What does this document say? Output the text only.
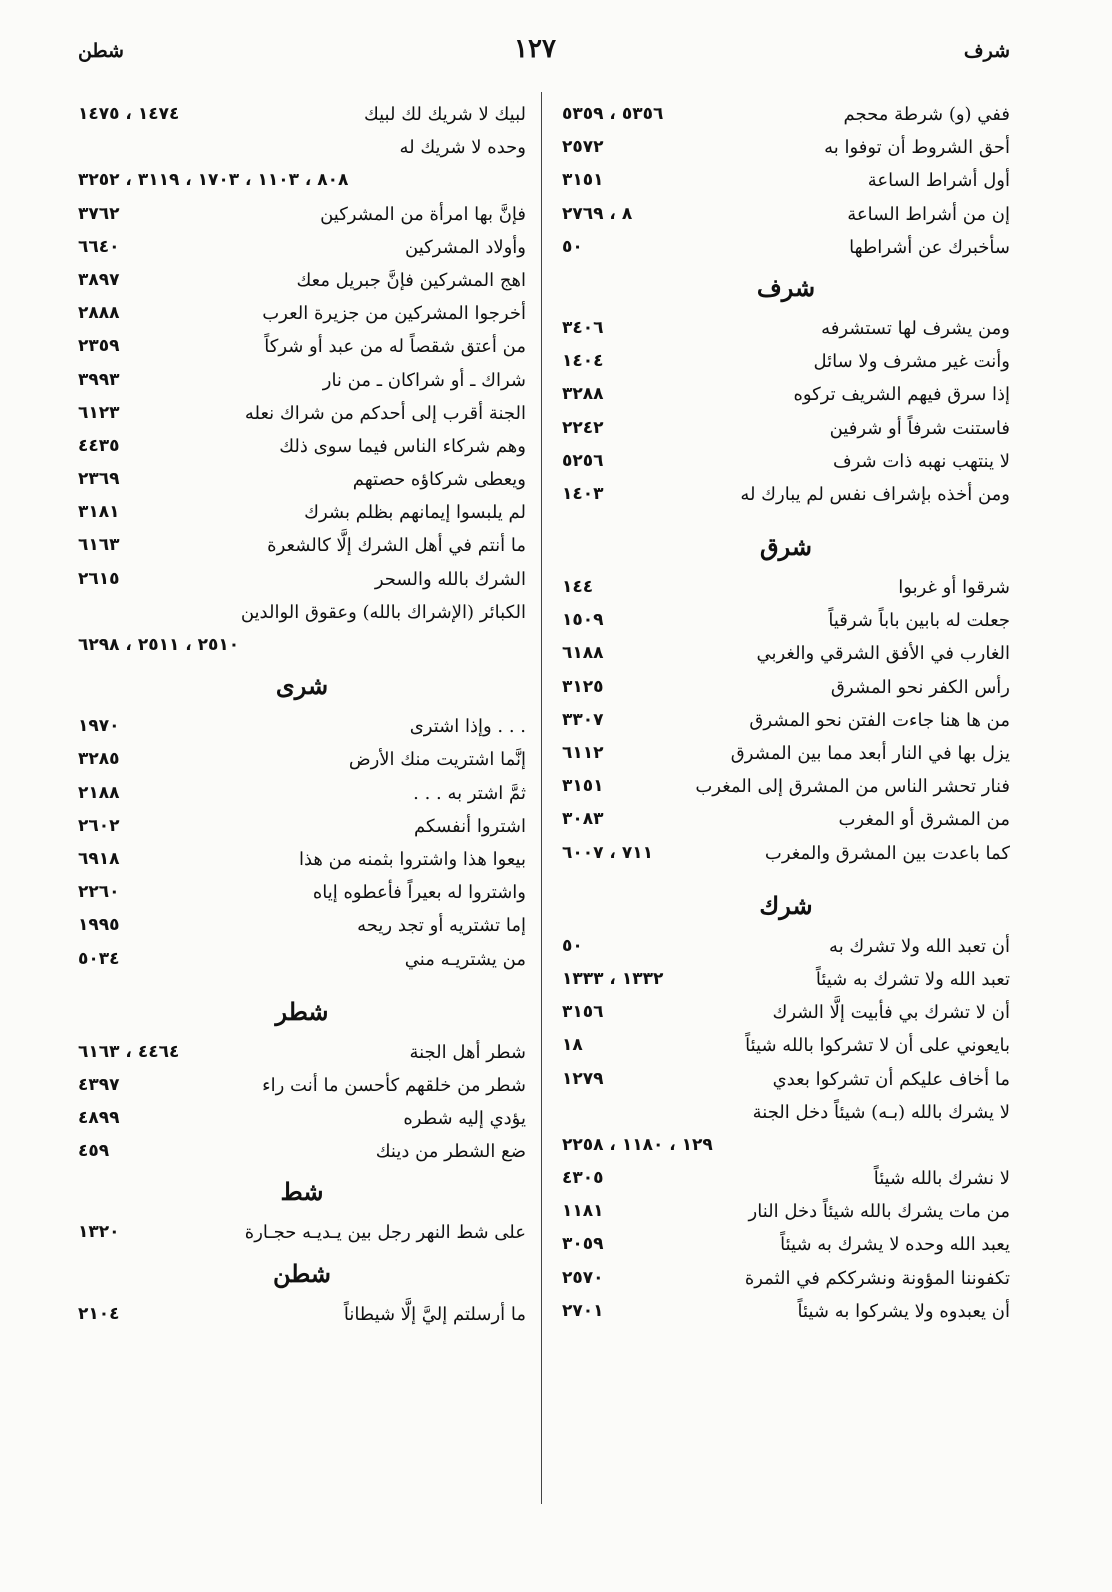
شرف
١٢٧
شطن
ففي (و) شرطة محجم
٥٣٥٦ ، ٥٣٥٩
أحق الشروط أن توفوا به
٢٥٧٢
أول أشراط الساعة
٣١٥١
إن من أشراط الساعة
٨ ، ٢٧٦٩
سأخبرك عن أشراطها
٥٠
شرف
ومن يشرف لها تستشرفه
٣٤٠٦
وأنت غير مشرف ولا سائل
١٤٠٤
إذا سرق فيهم الشريف تركوه
٣٢٨٨
فاستنت شرفاً أو شرفين
٢٢٤٢
لا ينتهب نهبه ذات شرف
٥٢٥٦
ومن أخذه بإشراف نفس لم يبارك له
١٤٠٣
شرق
شرقوا أو غربوا
١٤٤
جعلت له بابين باباً شرقياً
١٥٠٩
الغارب في الأفق الشرقي والغربي
٦١٨٨
رأس الكفر نحو المشرق
٣١٢٥
من ها هنا جاءت الفتن نحو المشرق
٣٣٠٧
يزل بها في النار أبعد مما بين المشرق
٦١١٢
فنار تحشر الناس من المشرق إلى المغرب
٣١٥١
من المشرق أو المغرب
٣٠٨٣
كما باعدت بين المشرق والمغرب
٧١١ ، ٦٠٠٧
شرك
أن تعبد الله ولا تشرك به
٥٠
تعبد الله ولا تشرك به شيئاً
١٣٣٢ ، ١٣٣٣
أن لا تشرك بي فأبيت إلَّا الشرك
٣١٥٦
بايعوني على أن لا تشركوا بالله شيئاً
١٨
ما أخاف عليكم أن تشركوا بعدي
١٢٧٩
لا يشرك بالله (بـه) شيئاً دخل الجنة
١٢٩ ، ١١٨٠ ، ٢٢٥٨
لا نشرك بالله شيئاً
٤٣٠٥
من مات يشرك بالله شيئاً دخل النار
١١٨١
يعبد الله وحده لا يشرك به شيئاً
٣٠٥٩
تكفوننا المؤونة ونشرككم في الثمرة
٢٥٧٠
أن يعبدوه ولا يشركوا به شيئاً
٢٧٠١
لبيك لا شريك لك لبيك
١٤٧٤ ، ١٤٧٥
وحده لا شريك له
٨٠٨ ، ١١٠٣ ، ١٧٠٣ ، ٣١١٩ ، ٣٢٥٢
فإنَّ بها امرأة من المشركين
٣٧٦٢
وأولاد المشركين
٦٦٤٠
اهج المشركين فإنَّ جبريل معك
٣٨٩٧
أخرجوا المشركين من جزيرة العرب
٢٨٨٨
من أعتق شقصاً له من عبد أو شركاً
٢٣٥٩
شراك ـ أو شراكان ـ من نار
٣٩٩٣
الجنة أقرب إلى أحدكم من شراك نعله
٦١٢٣
وهم شركاء الناس فيما سوى ذلك
٤٤٣٥
ويعطى شركاؤه حصتهم
٢٣٦٩
لم يلبسوا إيمانهم بظلم بشرك
٣١٨١
ما أنتم في أهل الشرك إلَّا كالشعرة
٦١٦٣
الشرك بالله والسحر
٢٦١٥
الكبائر (الإشراك بالله) وعقوق الوالدين
٢٥١٠ ، ٢٥١١ ، ٦٢٩٨
شرى
. . . وإذا اشترى
١٩٧٠
إنَّما اشتريت منك الأرض
٣٢٨٥
ثمَّ اشتر به . . .
٢١٨٨
اشتروا أنفسكم
٢٦٠٢
بيعوا هذا واشتروا بثمنه من هذا
٦٩١٨
واشتروا له بعيراً فأعطوه إياه
٢٢٦٠
إما تشتريه أو تجد ريحه
١٩٩٥
من يشتريـه مني
٥٠٣٤
شطر
شطر أهل الجنة
٤٤٦٤ ، ٦١٦٣
شطر من خلقهم كأحسن ما أنت راء
٤٣٩٧
يؤدي إليه شطره
٤٨٩٩
ضع الشطر من دينك
٤٥٩
شط
على شط النهر رجل بين يـديـه حجـارة
١٣٢٠
شطن
ما أرسلتم إليَّ إلَّا شيطاناً
٢١٠٤
